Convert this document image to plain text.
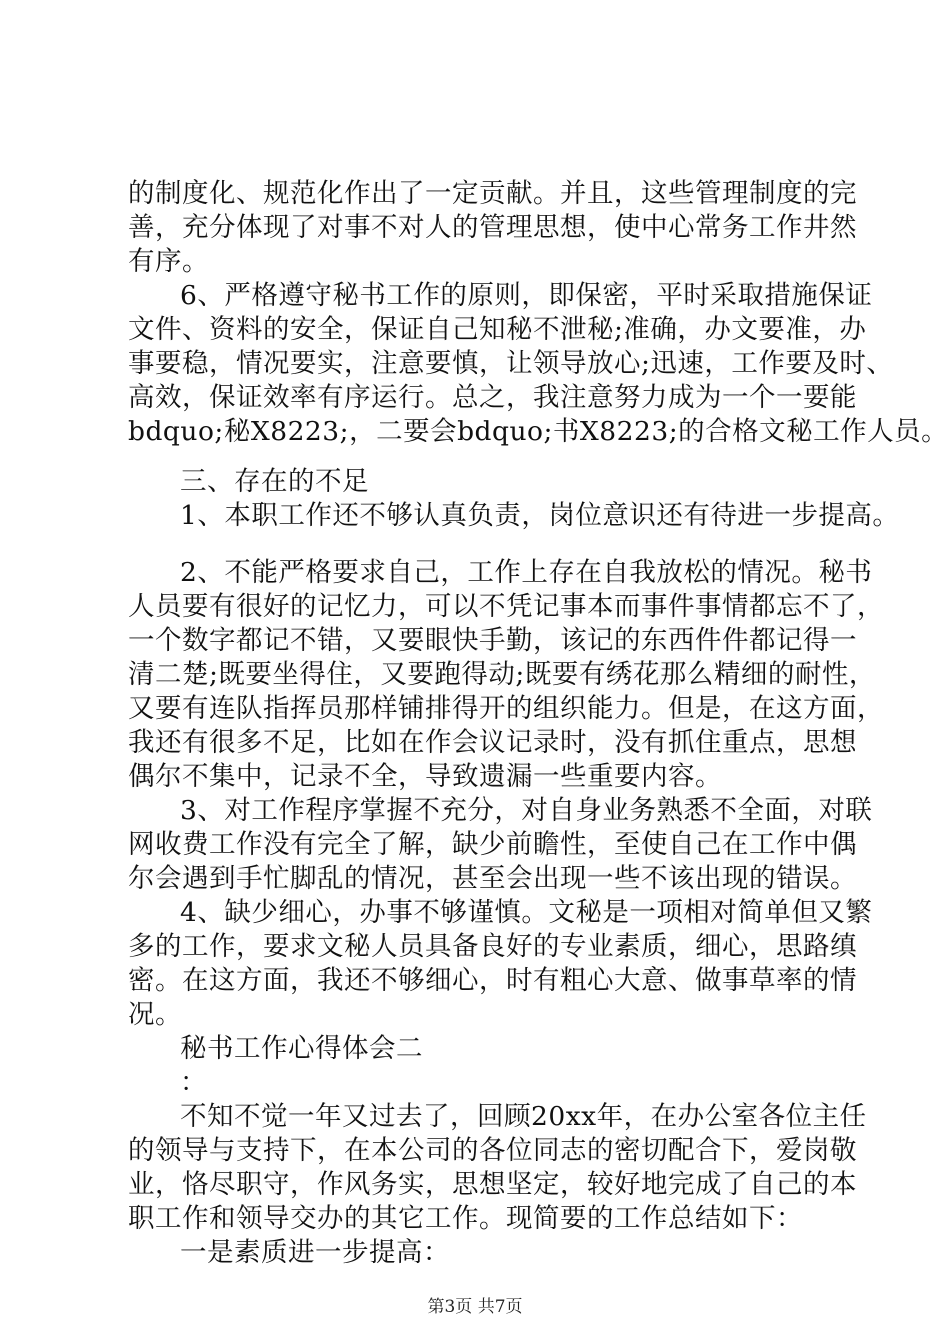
的制度化、规范化作出了一定贡献。并且，这些管理制度的完
善，充分体现了对事不对人的管理思想，使中心常务工作井然
有序。
6、严格遵守秘书工作的原则，即保密，平时采取措施保证
文件、资料的安全，保证自己知秘不泄秘;准确，办文要准，办
事要稳，情况要实，注意要慎，让领导放心;迅速，工作要及时、
高效，保证效率有序运行。总之，我注意努力成为一个一要能
bdquo;秘X8223;，二要会bdquo;书X8223;的合格文秘工作人员。
三、存在的不足
1、本职工作还不够认真负责，岗位意识还有待进一步提高。
2、不能严格要求自己，工作上存在自我放松的情况。秘书
人员要有很好的记忆力，可以不凭记事本而事件事情都忘不了，
一个数字都记不错，又要眼快手勤，该记的东西件件都记得一
清二楚;既要坐得住，又要跑得动;既要有绣花那么精细的耐性，
又要有连队指挥员那样铺排得开的组织能力。但是，在这方面，
我还有很多不足，比如在作会议记录时，没有抓住重点，思想
偶尔不集中，记录不全，导致遗漏一些重要内容。
3、对工作程序掌握不充分，对自身业务熟悉不全面，对联
网收费工作没有完全了解，缺少前瞻性，至使自己在工作中偶
尔会遇到手忙脚乱的情况，甚至会出现一些不该出现的错误。
4、缺少细心，办事不够谨慎。文秘是一项相对简单但又繁
多的工作，要求文秘人员具备良好的专业素质，细心，思路缜
密。在这方面，我还不够细心，时有粗心大意、做事草率的情
况。
秘书工作心得体会二
：
不知不觉一年又过去了，回顾20xx年，在办公室各位主任
的领导与支持下，在本公司的各位同志的密切配合下，爱岗敬
业，恪尽职守，作风务实，思想坚定，较好地完成了自己的本
职工作和领导交办的其它工作。现简要的工作总结如下：
一是素质进一步提高：
第3页 共7页
